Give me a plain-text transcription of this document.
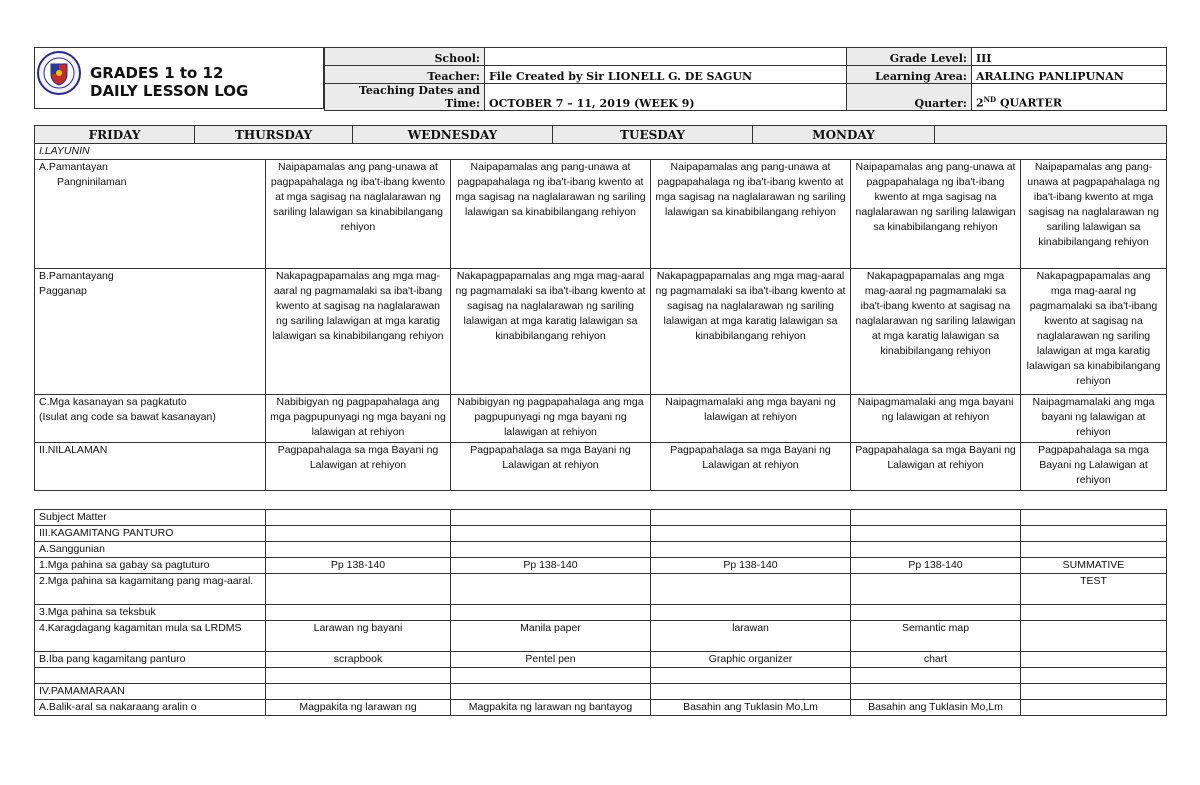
GRADES 1 to 12
DAILY LESSON LOG
School:			Grade Level:	III
Teacher:	File Created by Sir LIONELL G. DE SAGUN		Learning Area:	ARALING PANLIPUNAN
Teaching Dates and Time:	OCTOBER 7 – 11, 2019 (WEEK 9)		Quarter:	2ND QUARTER
FRIDAY	THURSDAY	WEDNESDAY	TUESDAY	MONDAY	
I.LAYUNIN					

A.Pamantayan
Pangninilaman	Naipapamalas ang pang-unawa at pagpapahalaga ng iba't-ibang kwento at mga sagisag na naglalarawan ng sariling lalawigan sa kinabibilangang rehiyon	Naipapamalas ang pang-unawa at pagpapahalaga ng iba't-ibang kwento at mga sagisag na naglalarawan ng sariling lalawigan sa kinabibilangang rehiyon	Naipapamalas ang pang-unawa at pagpapahalaga ng iba't-ibang kwento at mga sagisag na naglalarawan ng sariling lalawigan sa kinabibilangang rehiyon	Naipapamalas ang pang-unawa at pagpapahalaga ng iba't-ibang kwento at mga sagisag na naglalarawan ng sariling lalawigan sa kinabibilangang rehiyon	Naipapamalas ang pang-unawa at pagpapahalaga ng iba't-ibang kwento at mga sagisag na naglalarawan ng sariling lalawigan sa kinabibilangang rehiyon

B.Pamantayang
Pagganap	Nakapagpapamalas ang mga mag-aaral ng pagmamalaki sa iba't-ibang kwento at sagisag na naglalarawan ng sariling lalawigan at mga karatig lalawigan sa kinabibilangang rehiyon	Nakapagpapamalas ang mga mag-aaral ng pagmamalaki sa iba't-ibang kwento at sagisag na naglalarawan ng sariling lalawigan at mga karatig lalawigan sa kinabibilangang rehiyon	Nakapagpapamalas ang mga mag-aaral ng pagmamalaki sa iba't-ibang kwento at sagisag na naglalarawan ng sariling lalawigan at mga karatig lalawigan sa kinabibilangang rehiyon	Nakapagpapamalas ang mga mag-aaral ng pagmamalaki sa iba't-ibang kwento at sagisag na naglalarawan ng sariling lalawigan at mga karatig lalawigan sa kinabibilangang rehiyon	Nakapagpapamalas ang mga mag-aaral ng pagmamalaki sa iba't-ibang kwento at sagisag na naglalarawan ng sariling lalawigan at mga karatig lalawigan sa kinabibilangang rehiyon

C.Mga kasanayan sa pagkatuto
(Isulat ang code sa bawat kasanayan)	Nabibigyan ng pagpapahalaga ang mga pagpupunyagi ng mga bayani ng lalawigan at rehiyon	Nabibigyan ng pagpapahalaga ang mga pagpupunyagi ng mga bayani ng lalawigan at rehiyon	Naipagmamalaki ang mga bayani ng lalawigan at rehiyon	Naipagmamalaki ang mga bayani ng lalawigan at rehiyon	Naipagmamalaki ang mga bayani ng lalawigan at rehiyon

II.NILALAMAN	Pagpapahalaga sa mga Bayani ng Lalawigan at rehiyon	Pagpapahalaga sa mga Bayani ng Lalawigan at rehiyon	Pagpapahalaga sa mga Bayani ng Lalawigan at rehiyon	Pagpapahalaga sa mga Bayani ng Lalawigan at rehiyon	Pagpapahalaga sa mga Bayani ng Lalawigan at rehiyon
Subject Matter					
III.KAGAMITANG PANTURO					
A.Sanggunian					
1.Mga pahina sa gabay sa pagtuturo	Pp 138-140	Pp 138-140	Pp 138-140	Pp 138-140	SUMMATIVE
2.Mga pahina sa kagamitang pang mag-aaral.					TEST
3.Mga pahina sa teksbuk					
4.Karagdagang kagamitan mula sa LRDMS	Larawan ng bayani	Manila paper	larawan	Semantic map	
B.Iba pang kagamitang panturo	scrapbook	Pentel pen	Graphic organizer	chart	

IV.PAMAMARAAN					
A.Balik-aral sa nakaraang aralin o	Magpakita ng larawan ng	Magpakita ng larawan ng bantayog	Basahin ang Tuklasin Mo,Lm	Basahin ang Tuklasin Mo,Lm	
